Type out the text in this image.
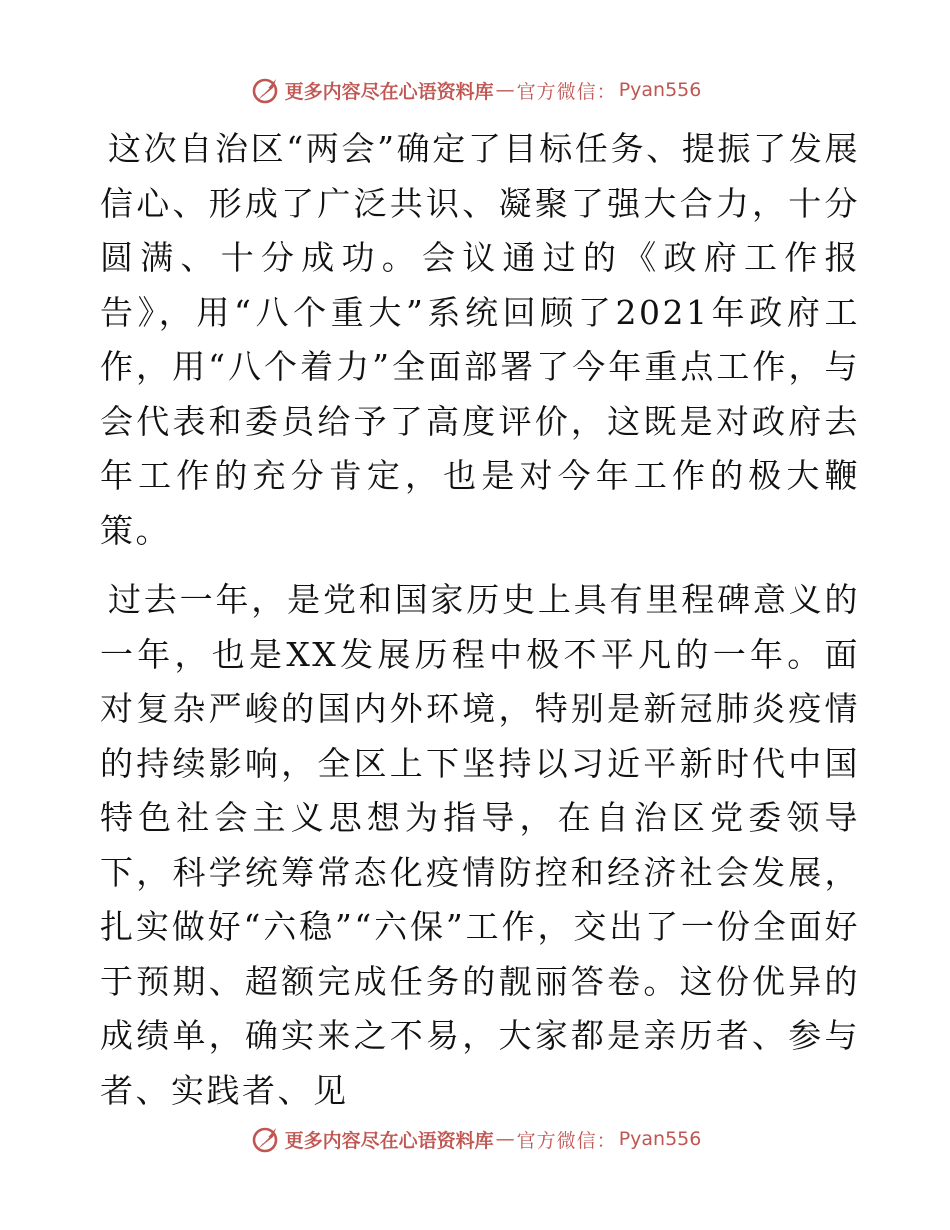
更多内容尽在心语资料库 — 官方微信： Pyan556

这次自治区“两会”确定了目标任务、提振了发展信心、形成了广泛共识、凝聚了强大合力，十分圆满、十分成功。会议通过的《政府工作报告》，用“八个重大”系统回顾了2021年政府工作，用“八个着力”全面部署了今年重点工作，与会代表和委员给予了高度评价，这既是对政府去年工作的充分肯定，也是对今年工作的极大鞭策。

过去一年，是党和国家历史上具有里程碑意义的一年，也是XX发展历程中极不平凡的一年。面对复杂严峻的国内外环境，特别是新冠肺炎疫情的持续影响，全区上下坚持以习近平新时代中国特色社会主义思想为指导，在自治区党委领导下，科学统筹常态化疫情防控和经济社会发展，扎实做好“六稳”“六保”工作，交出了一份全面好于预期、超额完成任务的靓丽答卷。这份优异的成绩单，确实来之不易，大家都是亲历者、参与者、实践者、见

更多内容尽在心语资料库 — 官方微信： Pyan556
